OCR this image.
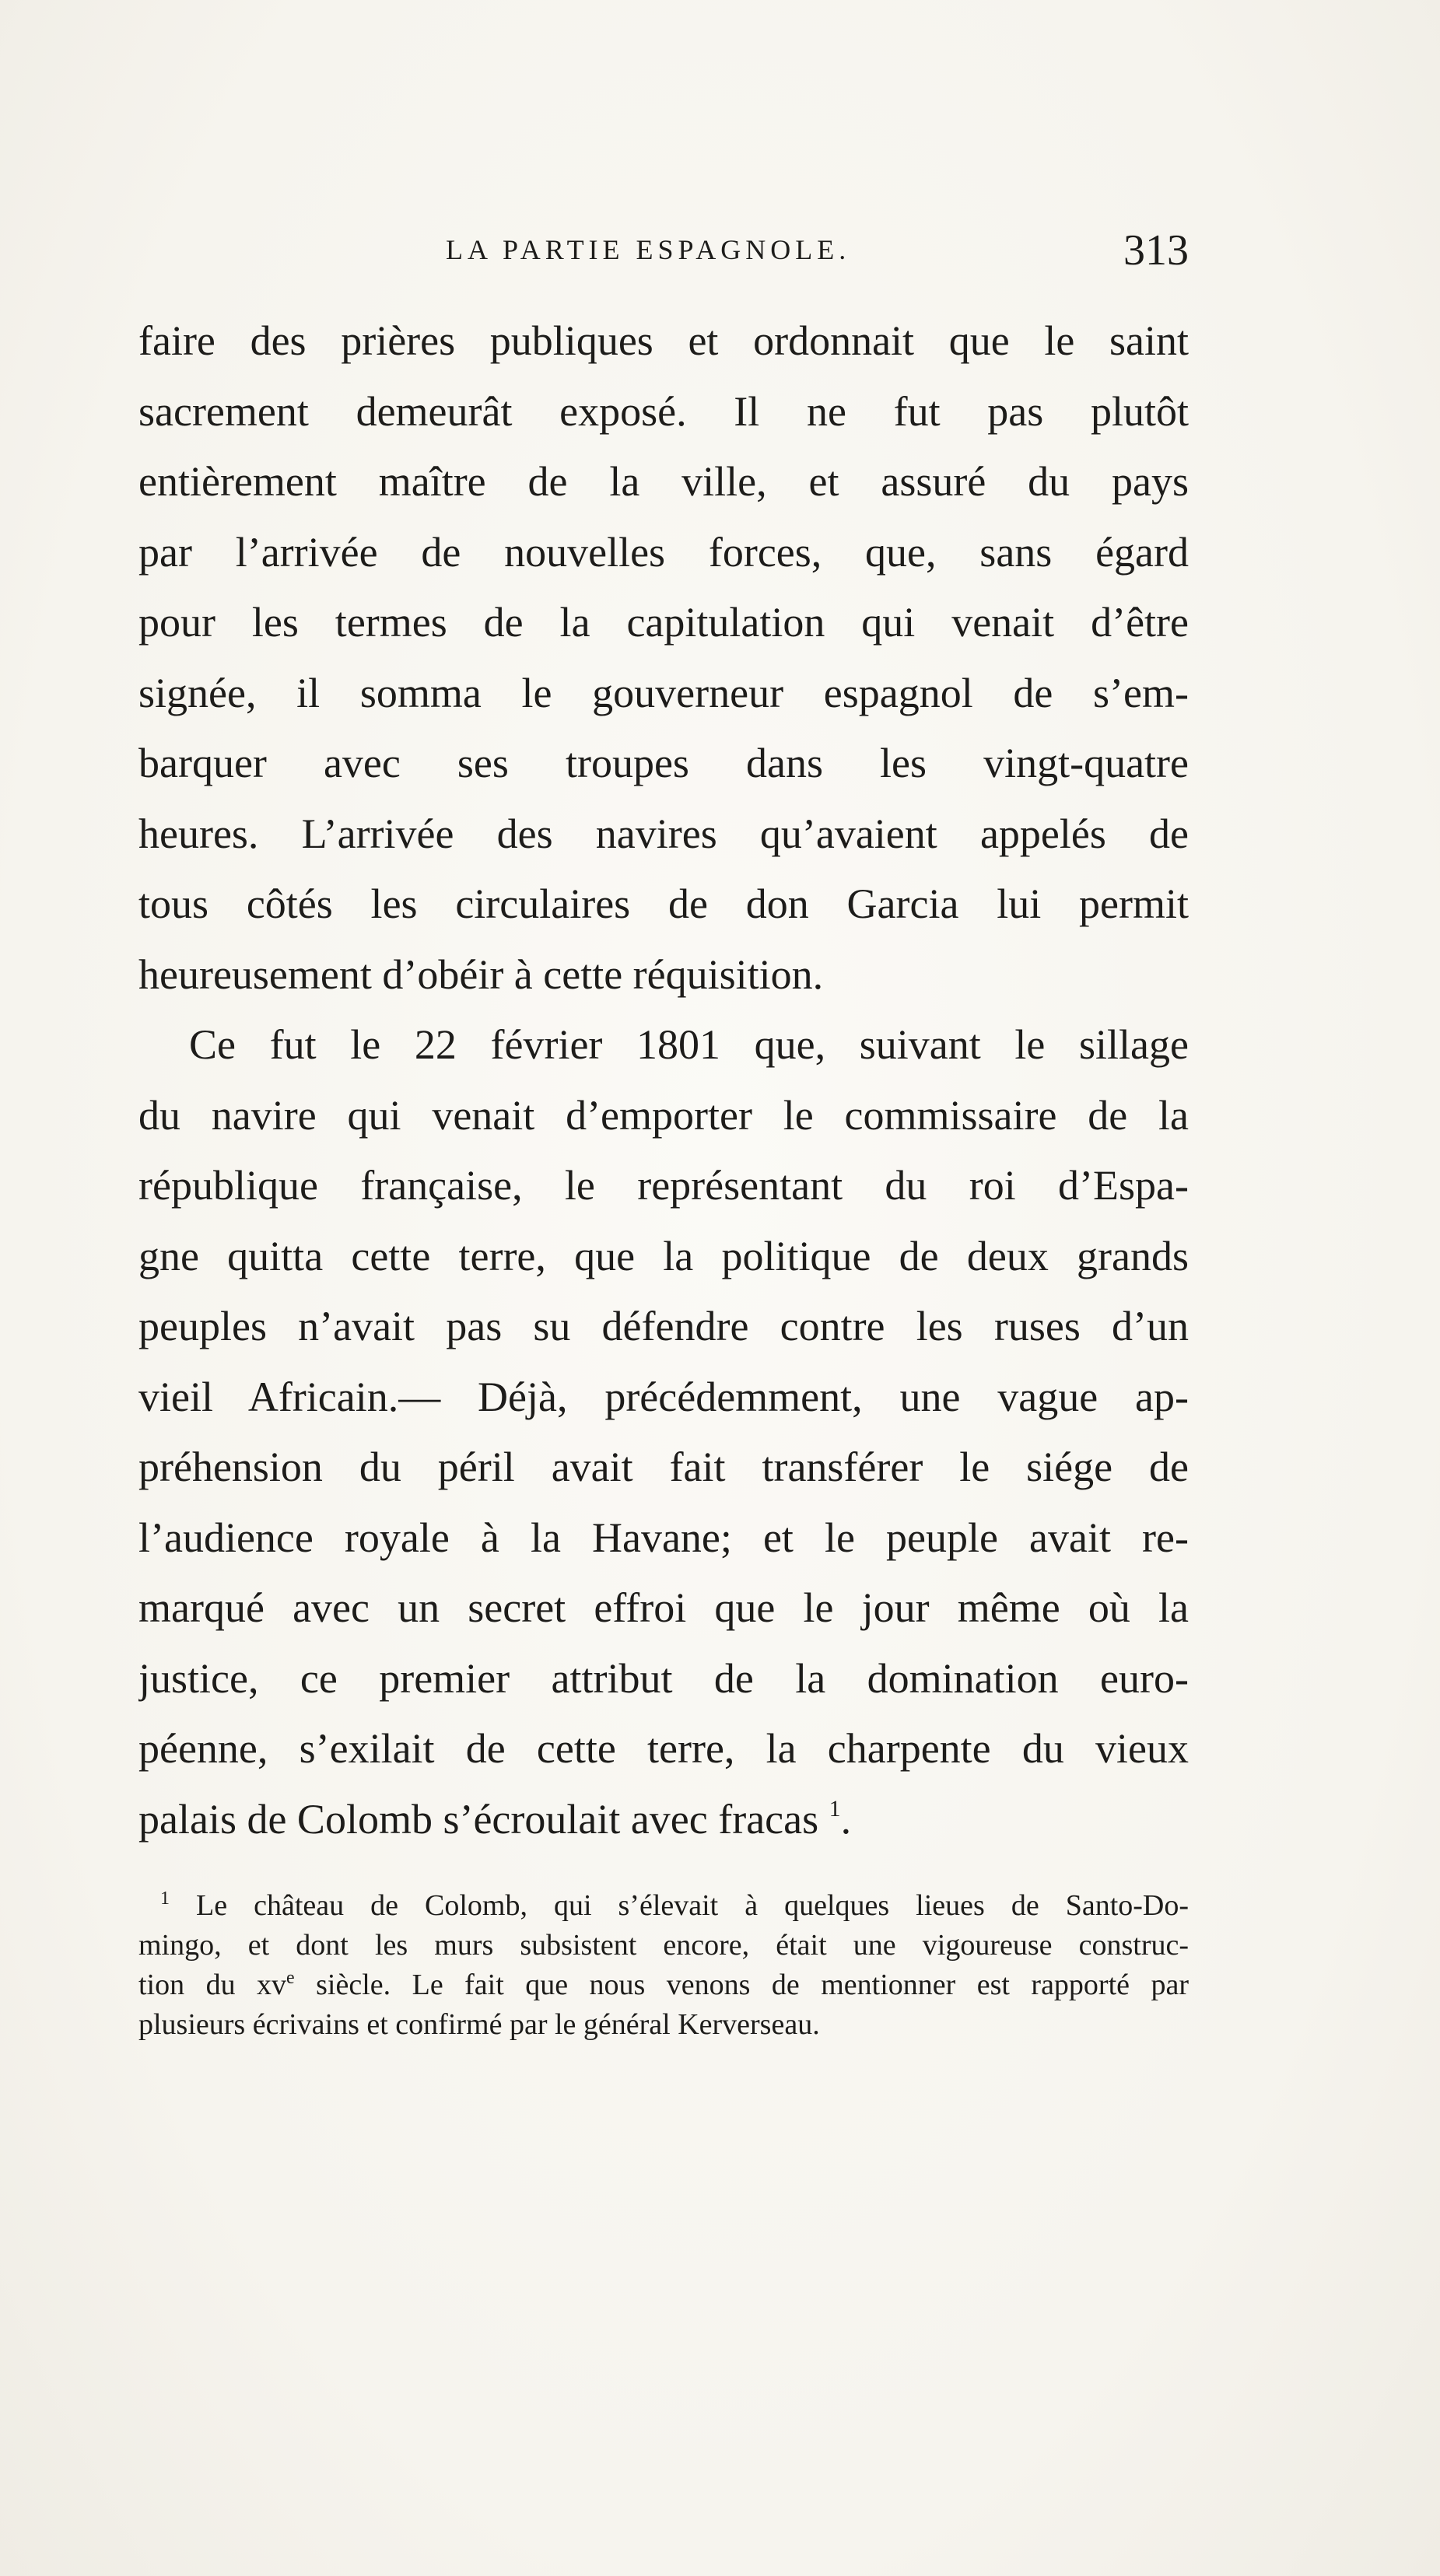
LA PARTIE ESPAGNOLE.	313
faire des prières publiques et ordonnait que le saint
sacrement demeurât exposé. Il ne fut pas plutôt
entièrement maître de la ville, et assuré du pays
par l’arrivée de nouvelles forces, que, sans égard
pour les termes de la capitulation qui venait d’être
signée, il somma le gouverneur espagnol de s’em-
barquer avec ses troupes dans les vingt-quatre
heures. L’arrivée des navires qu’avaient appelés de
tous côtés les circulaires de don Garcia lui permit
heureusement d’obéir à cette réquisition.
Ce fut le 22 février 1801 que, suivant le sillage
du navire qui venait d’emporter le commissaire de la
république française, le représentant du roi d’Espa-
gne quitta cette terre, que la politique de deux grands
peuples n’avait pas su défendre contre les ruses d’un
vieil Africain.— Déjà, précédemment, une vague ap-
préhension du péril avait fait transférer le siége de
l’audience royale à la Havane; et le peuple avait re-
marqué avec un secret effroi que le jour même où la
justice, ce premier attribut de la domination euro-
péenne, s’exilait de cette terre, la charpente du vieux
palais de Colomb s’écroulait avec fracas $^1$.
$^1$ Le château de Colomb, qui s’élevait à quelques lieues de Santo-Do-
mingo, et dont les murs subsistent encore, était une vigoureuse construc-
tion du $xv^e$ siècle. Le fait que nous venons de mentionner est rapporté par
plusieurs écrivains et confirmé par le général Kerverseau.
